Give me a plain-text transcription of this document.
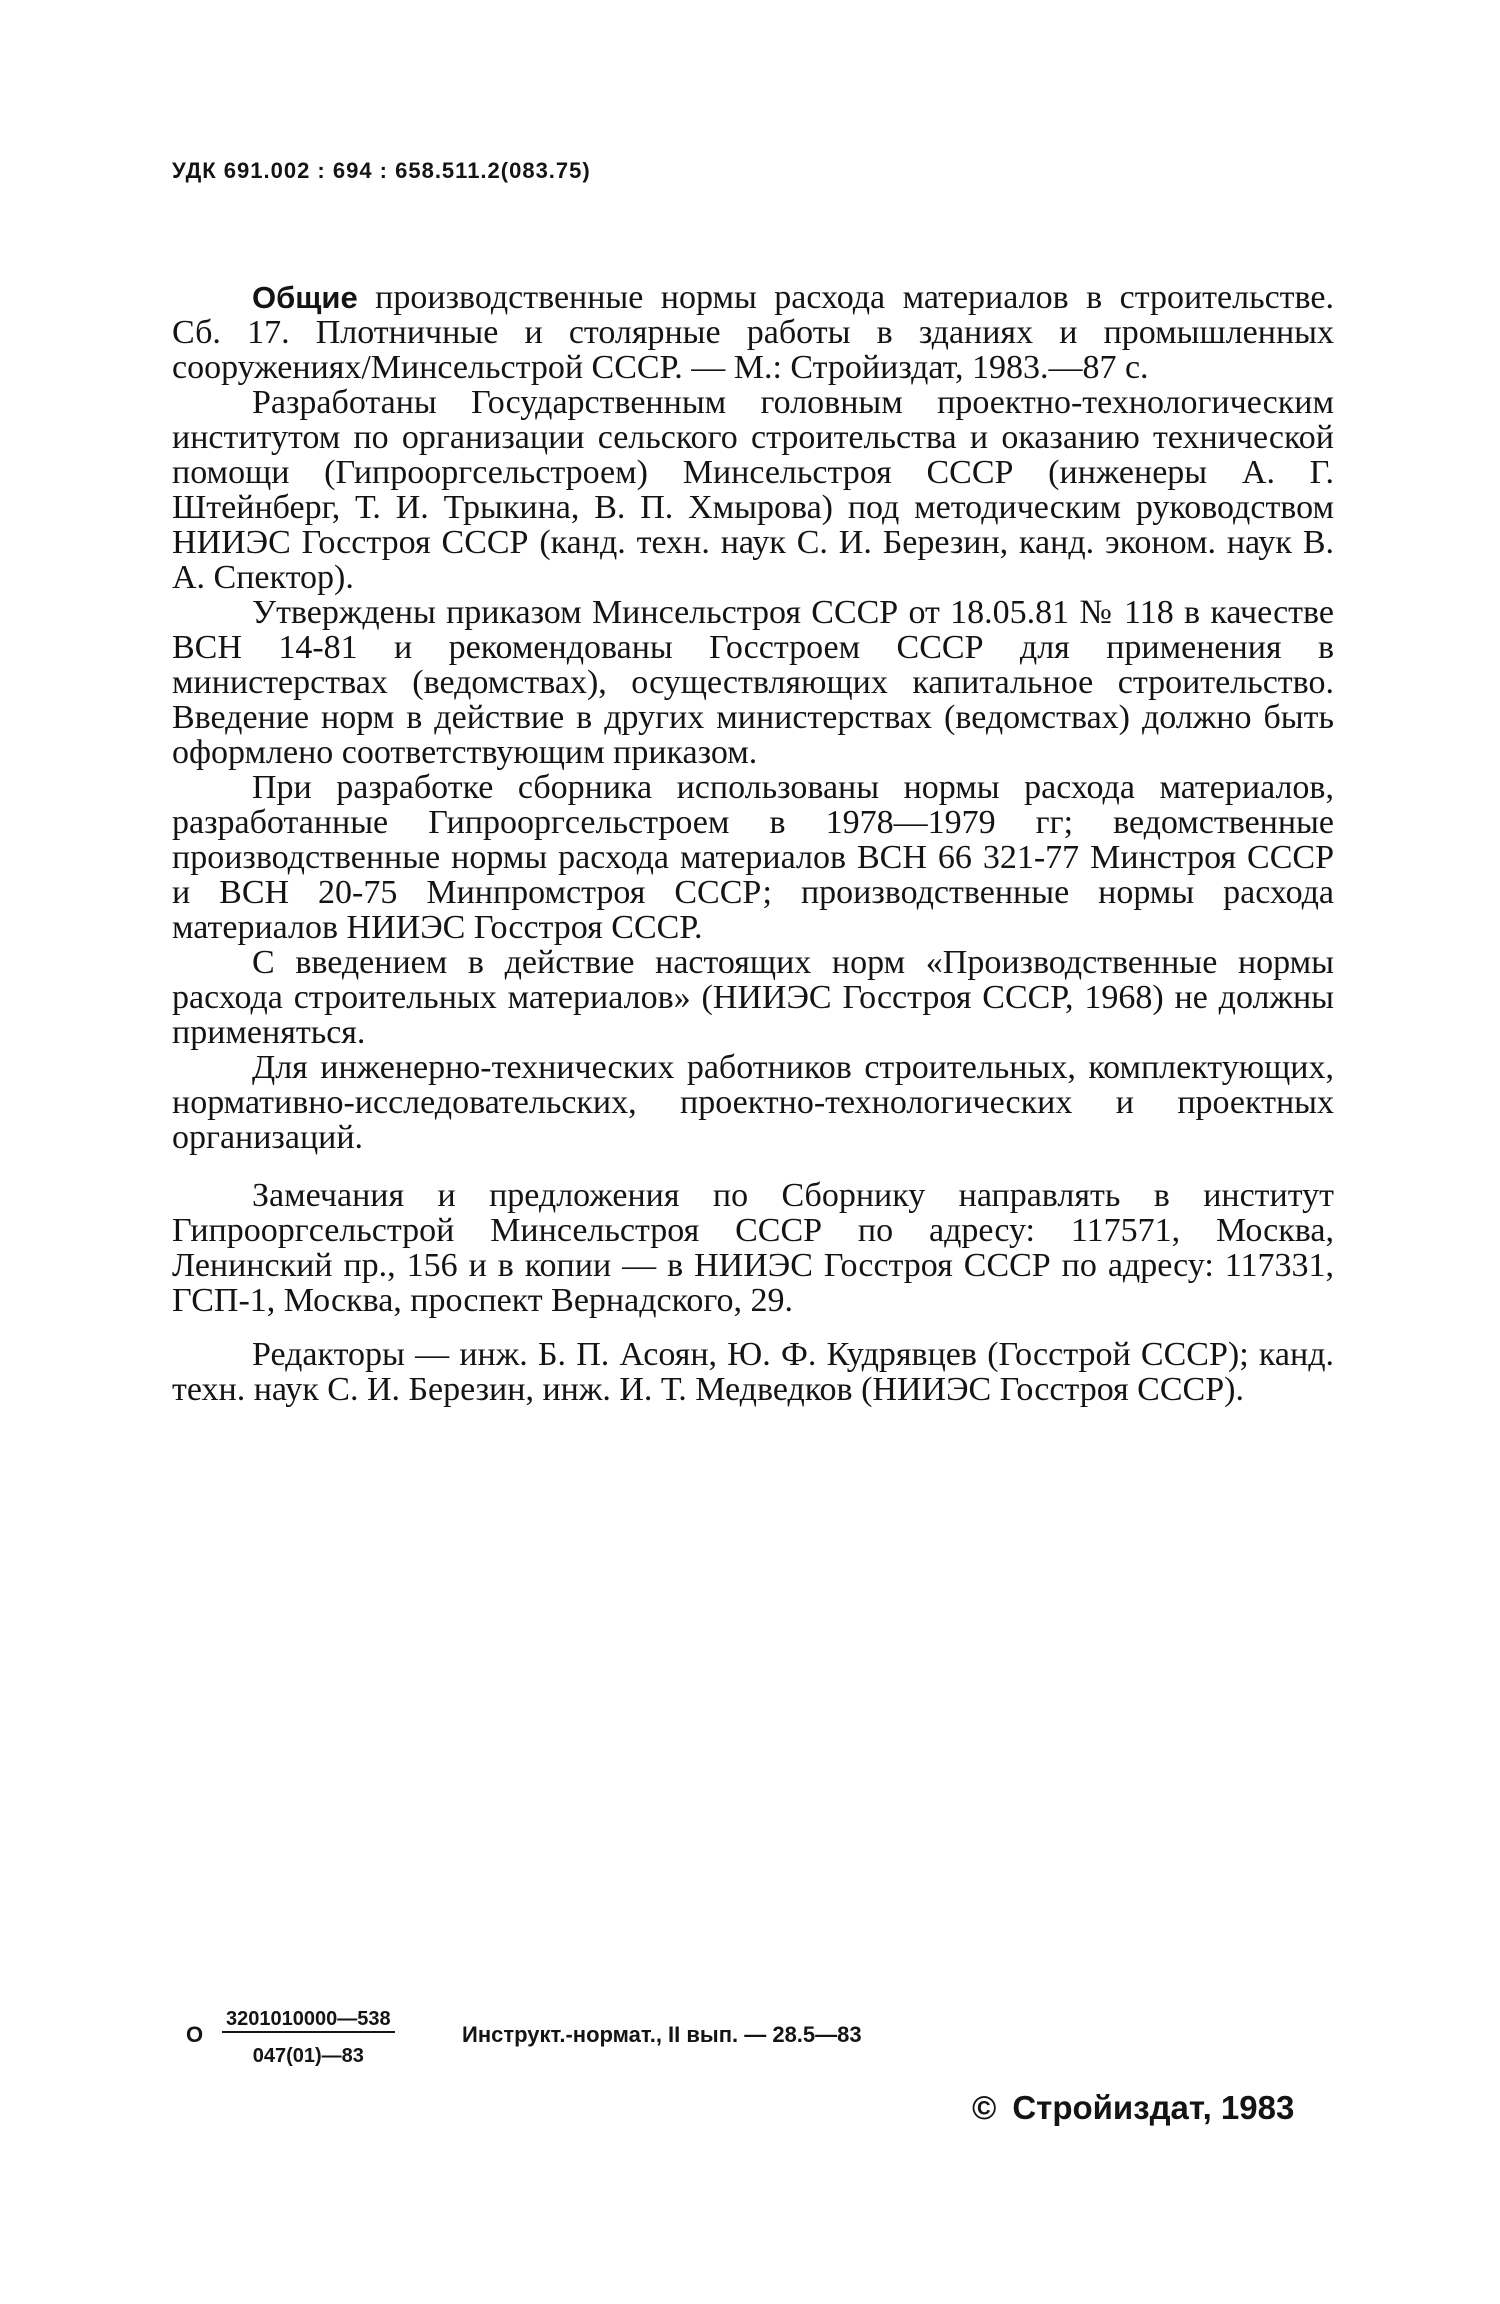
УДК 691.002 : 694 : 658.511.2(083.75)

Общие производственные нормы расхода материалов в строительстве. Сб. 17. Плотничные и столярные работы в зданиях и промышленных сооружениях/Минсельстрой СССР. — М.: Стройиздат, 1983.—87 с.

Разработаны Государственным головным проектно-технологическим институтом по организации сельского строительства и оказанию технической помощи (Гипрооргсельстроем) Минсельстроя СССР (инженеры А. Г. Штейнберг, Т. И. Трыкина, В. П. Хмырова) под методическим руководством НИИЭС Госстроя СССР (канд. техн. наук С. И. Березин, канд. эконом. наук В. А. Спектор).

Утверждены приказом Минсельстроя СССР от 18.05.81 № 118 в качестве ВСН 14-81 и рекомендованы Госстроем СССР для применения в министерствах (ведомствах), осуществляющих капитальное строительство. Введение норм в действие в других министерствах (ведомствах) должно быть оформлено соответствующим приказом.

При разработке сборника использованы нормы расхода материалов, разработанные Гипрооргсельстроем в 1978—1979 гг; ведомственные производственные нормы расхода материалов ВСН 66 321-77 Минстроя СССР и ВСН 20-75 Минпромстроя СССР; производственные нормы расхода материалов НИИЭС Госстроя СССР.

С введением в действие настоящих норм «Производственные нормы расхода строительных материалов» (НИИЭС Госстроя СССР, 1968) не должны применяться.

Для инженерно-технических работников строительных, комплектующих, нормативно-исследовательских, проектно-технологических и проектных организаций.

Замечания и предложения по Сборнику направлять в институт Гипрооргсельстрой Минсельстроя СССР по адресу: 117571, Москва, Ленинский пр., 156 и в копии — в НИИЭС Госстроя СССР по адресу: 117331, ГСП-1, Москва, проспект Вернадского, 29.

Редакторы — инж. Б. П. Асоян, Ю. Ф. Кудрявцев (Госстрой СССР); канд. техн. наук С. И. Березин, инж. И. Т. Медведков (НИИЭС Госстроя СССР).

О $\frac{3201010000—538}{047(01)—83}$	Инструкт.-нормат., II вып. — 28.5—83
© Стройиздат, 1983
